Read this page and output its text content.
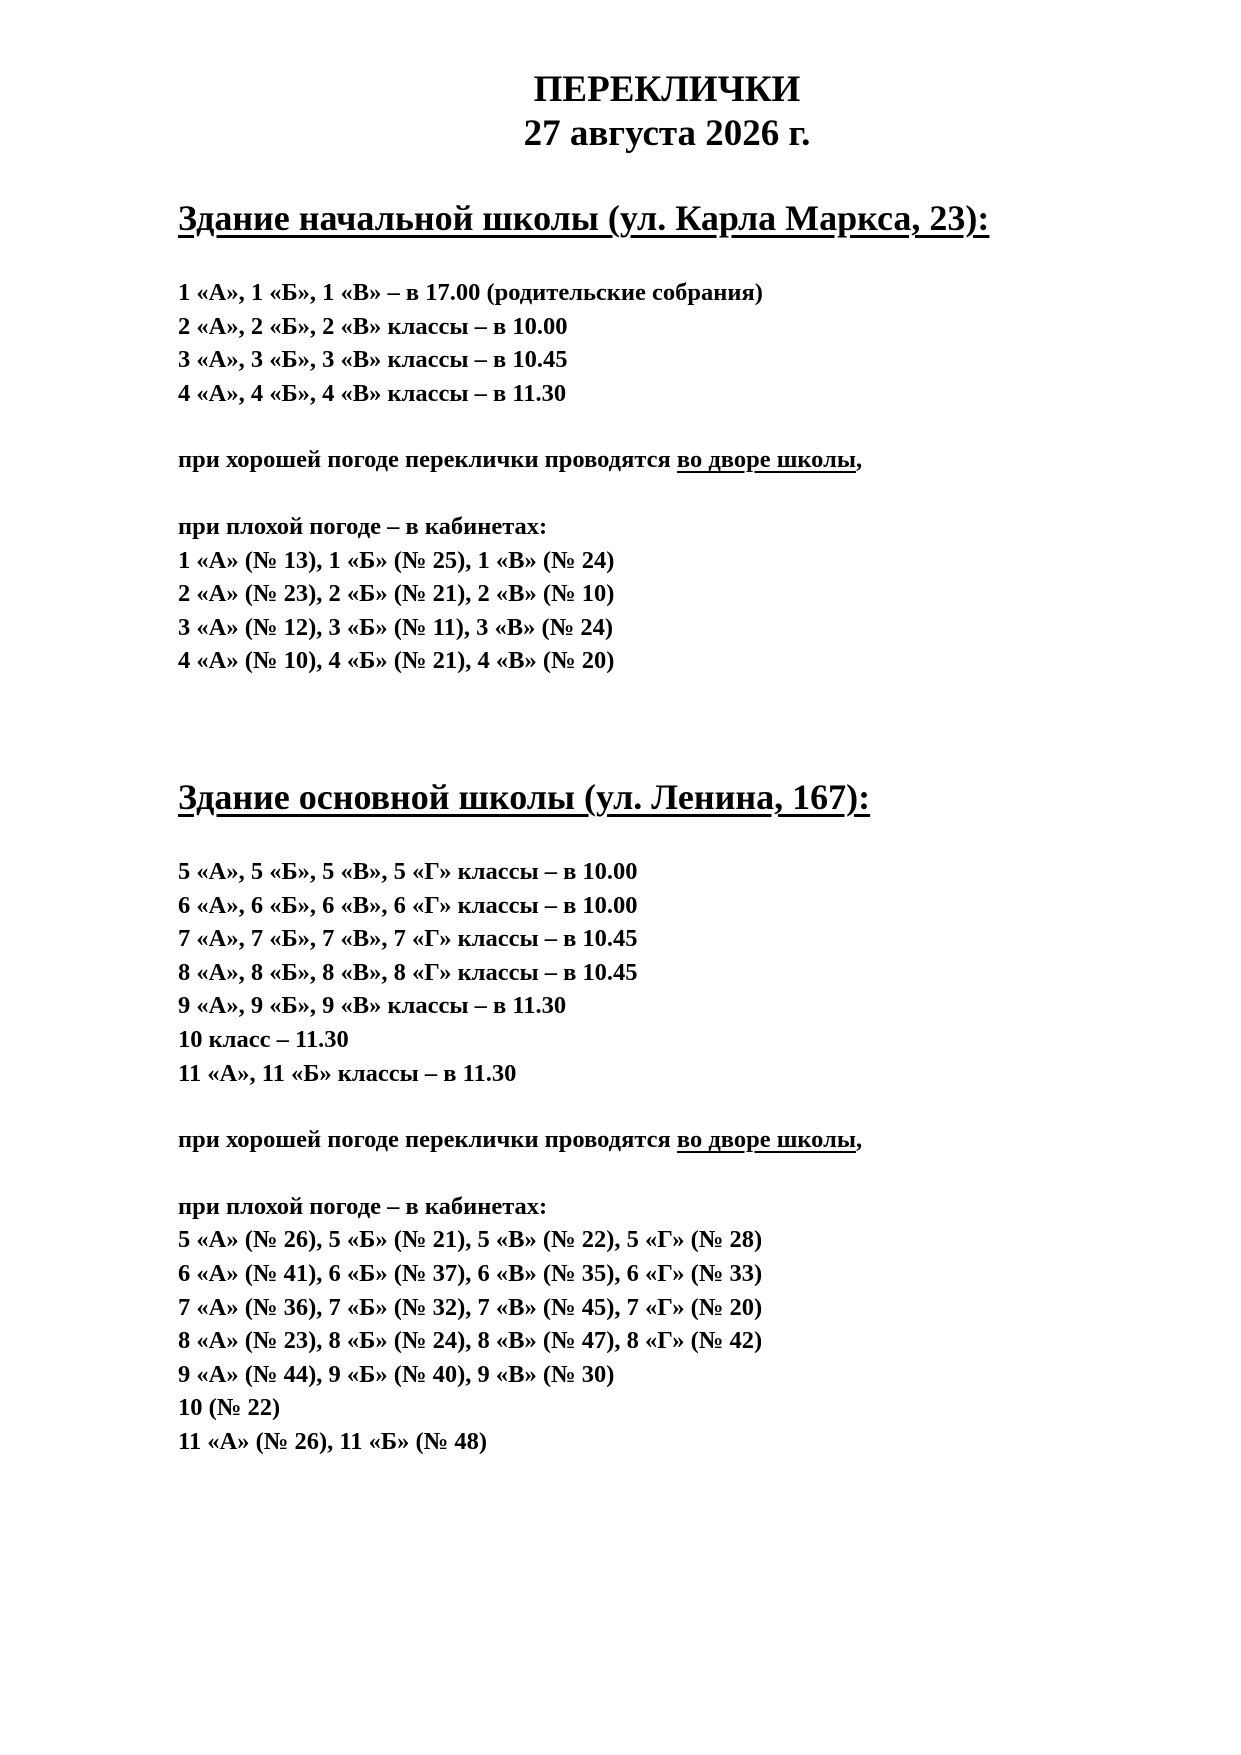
ПЕРЕКЛИЧКИ
27 августа 2026 г.
Здание начальной школы (ул. Карла Маркса, 23):
1 «А», 1 «Б», 1 «В» – в 17.00 (родительские собрания)
2 «А», 2 «Б», 2 «В» классы – в 10.00
3 «А», 3 «Б», 3 «В» классы – в 10.45
4 «А», 4 «Б», 4 «В» классы – в 11.30
при хорошей погоде переклички проводятся во дворе школы,
при плохой погоде – в кабинетах:
1 «А» (№ 13), 1 «Б» (№ 25), 1 «В» (№ 24)
2 «А» (№ 23), 2 «Б» (№ 21), 2 «В» (№ 10)
3 «А» (№ 12), 3 «Б» (№ 11), 3 «В» (№ 24)
4 «А» (№ 10), 4 «Б» (№ 21), 4 «В» (№ 20)
Здание основной школы (ул. Ленина, 167):
5 «А», 5 «Б», 5 «В», 5 «Г» классы – в 10.00
6 «А», 6 «Б», 6 «В», 6 «Г» классы – в 10.00
7 «А», 7 «Б», 7 «В», 7 «Г» классы – в 10.45
8 «А», 8 «Б», 8 «В», 8 «Г» классы – в 10.45
9 «А», 9 «Б», 9 «В» классы – в 11.30
10 класс – 11.30
11 «А», 11 «Б» классы – в 11.30
при хорошей погоде переклички проводятся во дворе школы,
при плохой погоде – в кабинетах:
5 «А» (№ 26), 5 «Б» (№ 21), 5 «В» (№ 22), 5 «Г» (№ 28)
6 «А» (№ 41), 6 «Б» (№ 37), 6 «В» (№ 35), 6 «Г» (№ 33)
7 «А» (№ 36), 7 «Б» (№ 32), 7 «В» (№ 45), 7 «Г» (№ 20)
8 «А» (№ 23), 8 «Б» (№ 24), 8 «В» (№ 47), 8 «Г» (№ 42)
9 «А» (№ 44), 9 «Б» (№ 40), 9 «В» (№ 30)
10 (№ 22)
11 «А» (№ 26), 11 «Б» (№ 48)
